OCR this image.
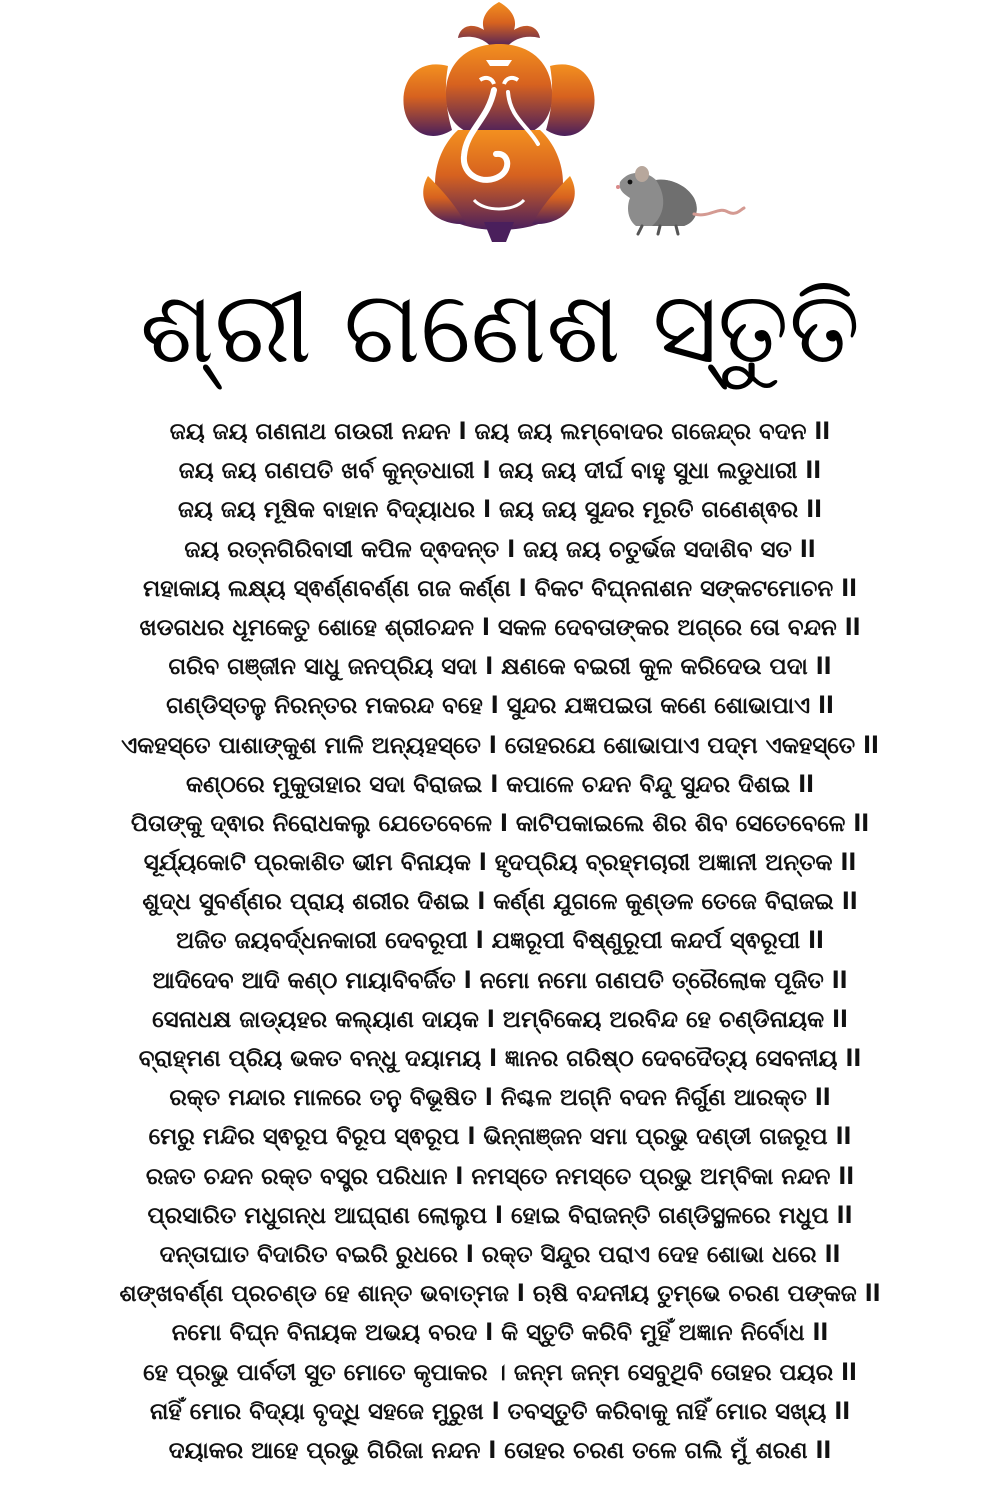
ଶ୍ରୀ ଗଣେଶ ସ୍ତୁତି
ଜୟ ଜୟ ଗଣନାଥ ଗଉରୀ ନନ୍ଦନ l ଜୟ ଜୟ ଲମ୍ବୋଦର ଗଜେନ୍ଦ୍ର ବଦନ ll
ଜୟ ଜୟ ଗଣପତି ଖର୍ବ କୁନ୍ତଧାରୀ l ଜୟ ଜୟ ଦୀର୍ଘ ବାହୁ ସୁଧା ଲଡୁଧାରୀ ll
ଜୟ ଜୟ ମୂଷିକ ବାହାନ ବିଦ୍ୟାଧର l ଜୟ ଜୟ ସୁନ୍ଦର ମୂରତି ଗଣେଶ୍ଵର ll
ଜୟ ରତ୍ନଗିରିବାସୀ କପିଳ ଦ୍ଵଦନ୍ତ l ଜୟ ଜୟ ଚତୁର୍ଭଜ ସଦାଶିବ ସତ ll
ମହାକାୟ ଲକ୍ଷ୍ୟ ସ୍ଵର୍ଣ୍ଣବର୍ଣ୍ଣ ଗଜ କର୍ଣ୍ଣ l ବିକଟ ବିଘ୍ନନାଶନ ସଙ୍କଟମୋଚନ ll
ଖଡଗଧର ଧୂମକେତୁ ଶୋହେ ଶ୍ରୀଚନ୍ଦନ l ସକଳ ଦେବତାଙ୍କର ଅଗ୍ରେ ତୋ ବନ୍ଦନ ll
ଗରିବ ଗଞ୍ଜୀନ ସାଧୁ ଜନପ୍ରିୟ ସଦା l କ୍ଷଣକେ ବଇରୀ କୁଳ କରିଦେଉ ପଦା ll
ଗଣ୍ଡିସ୍ତଳୁ ନିରନ୍ତର ମକରନ୍ଦ ବହେ l ସୁନ୍ଦର ଯଜ୍ଞପଇତା କଣେ ଶୋଭାପାଏ ll
ଏକହସ୍ତେ ପାଶାଙ୍କୁଶ ମାଳି ଅନ୍ୟହସ୍ତେ l ତୋହରଯେ ଶୋଭାପାଏ ପଦ୍ମ ଏକହସ୍ତେ ll
କଣ୍ଠରେ ମୁକୁତାହାର ସଦା ବିରାଜଇ l କପାଳେ ଚନ୍ଦନ ବିନ୍ଦୁ ସୁନ୍ଦର ଦିଶଇ ll
ପିତାଙ୍କୁ ଦ୍ଵାର ନିରୋଧକଲୁ ଯେତେବେଳେ l କାଟିପକାଇଲେ ଶିର ଶିବ ସେତେବେଳେ ll
ସୂର୍ଯ୍ୟକୋଟି ପ୍ରକାଶିତ ଭୀମ ବିନାୟକ l ହୃଦପ୍ରିୟ ବ୍ରହ୍ମଚାରୀ ଅଜ୍ଞାନୀ ଅନ୍ତକ ll
ଶୁଦ୍ଧ ସୁବର୍ଣ୍ଣର ପ୍ରାୟ ଶରୀର ଦିଶଇ l କର୍ଣ୍ଣ ଯୁଗଳେ କୁଣ୍ଡଳ ତେଜେ ବିରାଜଇ ll
ଅଜିତ ଜୟବର୍ଦ୍ଧନକାରୀ ଦେବରୂପୀ l ଯଜ୍ଞରୂପୀ ବିଷ୍ଣୁରୂପୀ କନ୍ଦର୍ପ ସ୍ଵରୂପୀ ll
ଆଦିଦେବ ଆଦି କଣ୍ଠ ମାୟାବିବର୍ଜିତ l ନମୋ ନମୋ ଗଣପତି ତ୍ରୈଲୋକ ପୂଜିତ ll
ସେନାଧକ୍ଷ ଜାଡ୍ୟହର କଲ୍ୟାଣ ଦାୟକ l ଅମ୍ବିକେୟ ଅରବିନ୍ଦ ହେ ଚଣ୍ଡିନାୟକ ll
ବ୍ରାହ୍ମଣ ପ୍ରିୟ ଭକତ ବନ୍ଧୁ ଦୟାମୟ l ଜ୍ଞାନର ଗରିଷ୍ଠ ଦେବଦୈତ୍ୟ ସେବନୀୟ ll
ରକ୍ତ ମନ୍ଦାର ମାଳରେ ତନୁ ବିଭୂଷିତ l ନିଶ୍ଚଳ ଅଗ୍ନି ବଦନ ନିର୍ଗୁଣ ଆରକ୍ତ ll
ମେରୁ ମନ୍ଦିର ସ୍ଵରୂପ ବିରୂପ ସ୍ଵରୂପ l ଭିନ୍ନାଞ୍ଜନ ସମା ପ୍ରଭୁ ଦଣ୍ଡୀ ଗଜରୂପ ll
ରଜତ ଚନ୍ଦନ ରକ୍ତ ବସ୍ତ୍ର ପରିଧାନ l ନମସ୍ତେ ନମସ୍ତେ ପ୍ରଭୁ ଅମ୍ବିକା ନନ୍ଦନ ll
ପ୍ରସାରିତ ମଧୁଗନ୍ଧ ଆଘ୍ରାଣ ଲୋଲୁପ l ହୋଇ ବିରାଜନ୍ତି ଗଣ୍ଡିସ୍ଥଳରେ ମଧୁପ ll
ଦନ୍ତାଘାତ ବିଦାରିତ ବଇରି ରୁଧରେ l ରକ୍ତ ସିନ୍ଦୁର ପରାଏ ଦେହ ଶୋଭା ଧରେ ll
ଶଙ୍ଖବର୍ଣ୍ଣ ପ୍ରଚଣ୍ଡ ହେ ଶାନ୍ତ ଭବାତ୍ମଜ l ଋଷି ବନ୍ଦନୀୟ ତୁମ୍ଭେ ଚରଣ ପଙ୍କଜ ll
ନମୋ ବିଘ୍ନ ବିନାୟକ ଅଭୟ ବରଦ l କି ସ୍ତୁତି କରିବି ମୁହିଁ ଅଜ୍ଞାନ ନିର୍ବୋଧ ll
ହେ ପ୍ରଭୁ ପାର୍ବତୀ ସୁତ ମୋତେ କୃପାକର । ଜନ୍ମ ଜନ୍ମ ସେବୁଥିବି ତୋହର ପୟର ll
ନାହିଁ ମୋର ବିଦ୍ୟା ବୃଦ୍ଧି ସହଜେ ମୁରୁଖ l ତବସ୍ତୁତି କରିବାକୁ ନାହିଁ ମୋର ସଖ୍ୟ ll
ଦୟାକର ଆହେ ପ୍ରଭୁ ଗିରିଜା ନନ୍ଦନ l ତୋହର ଚରଣ ତଳେ ଗଲି ମୁଁ ଶରଣ ll
